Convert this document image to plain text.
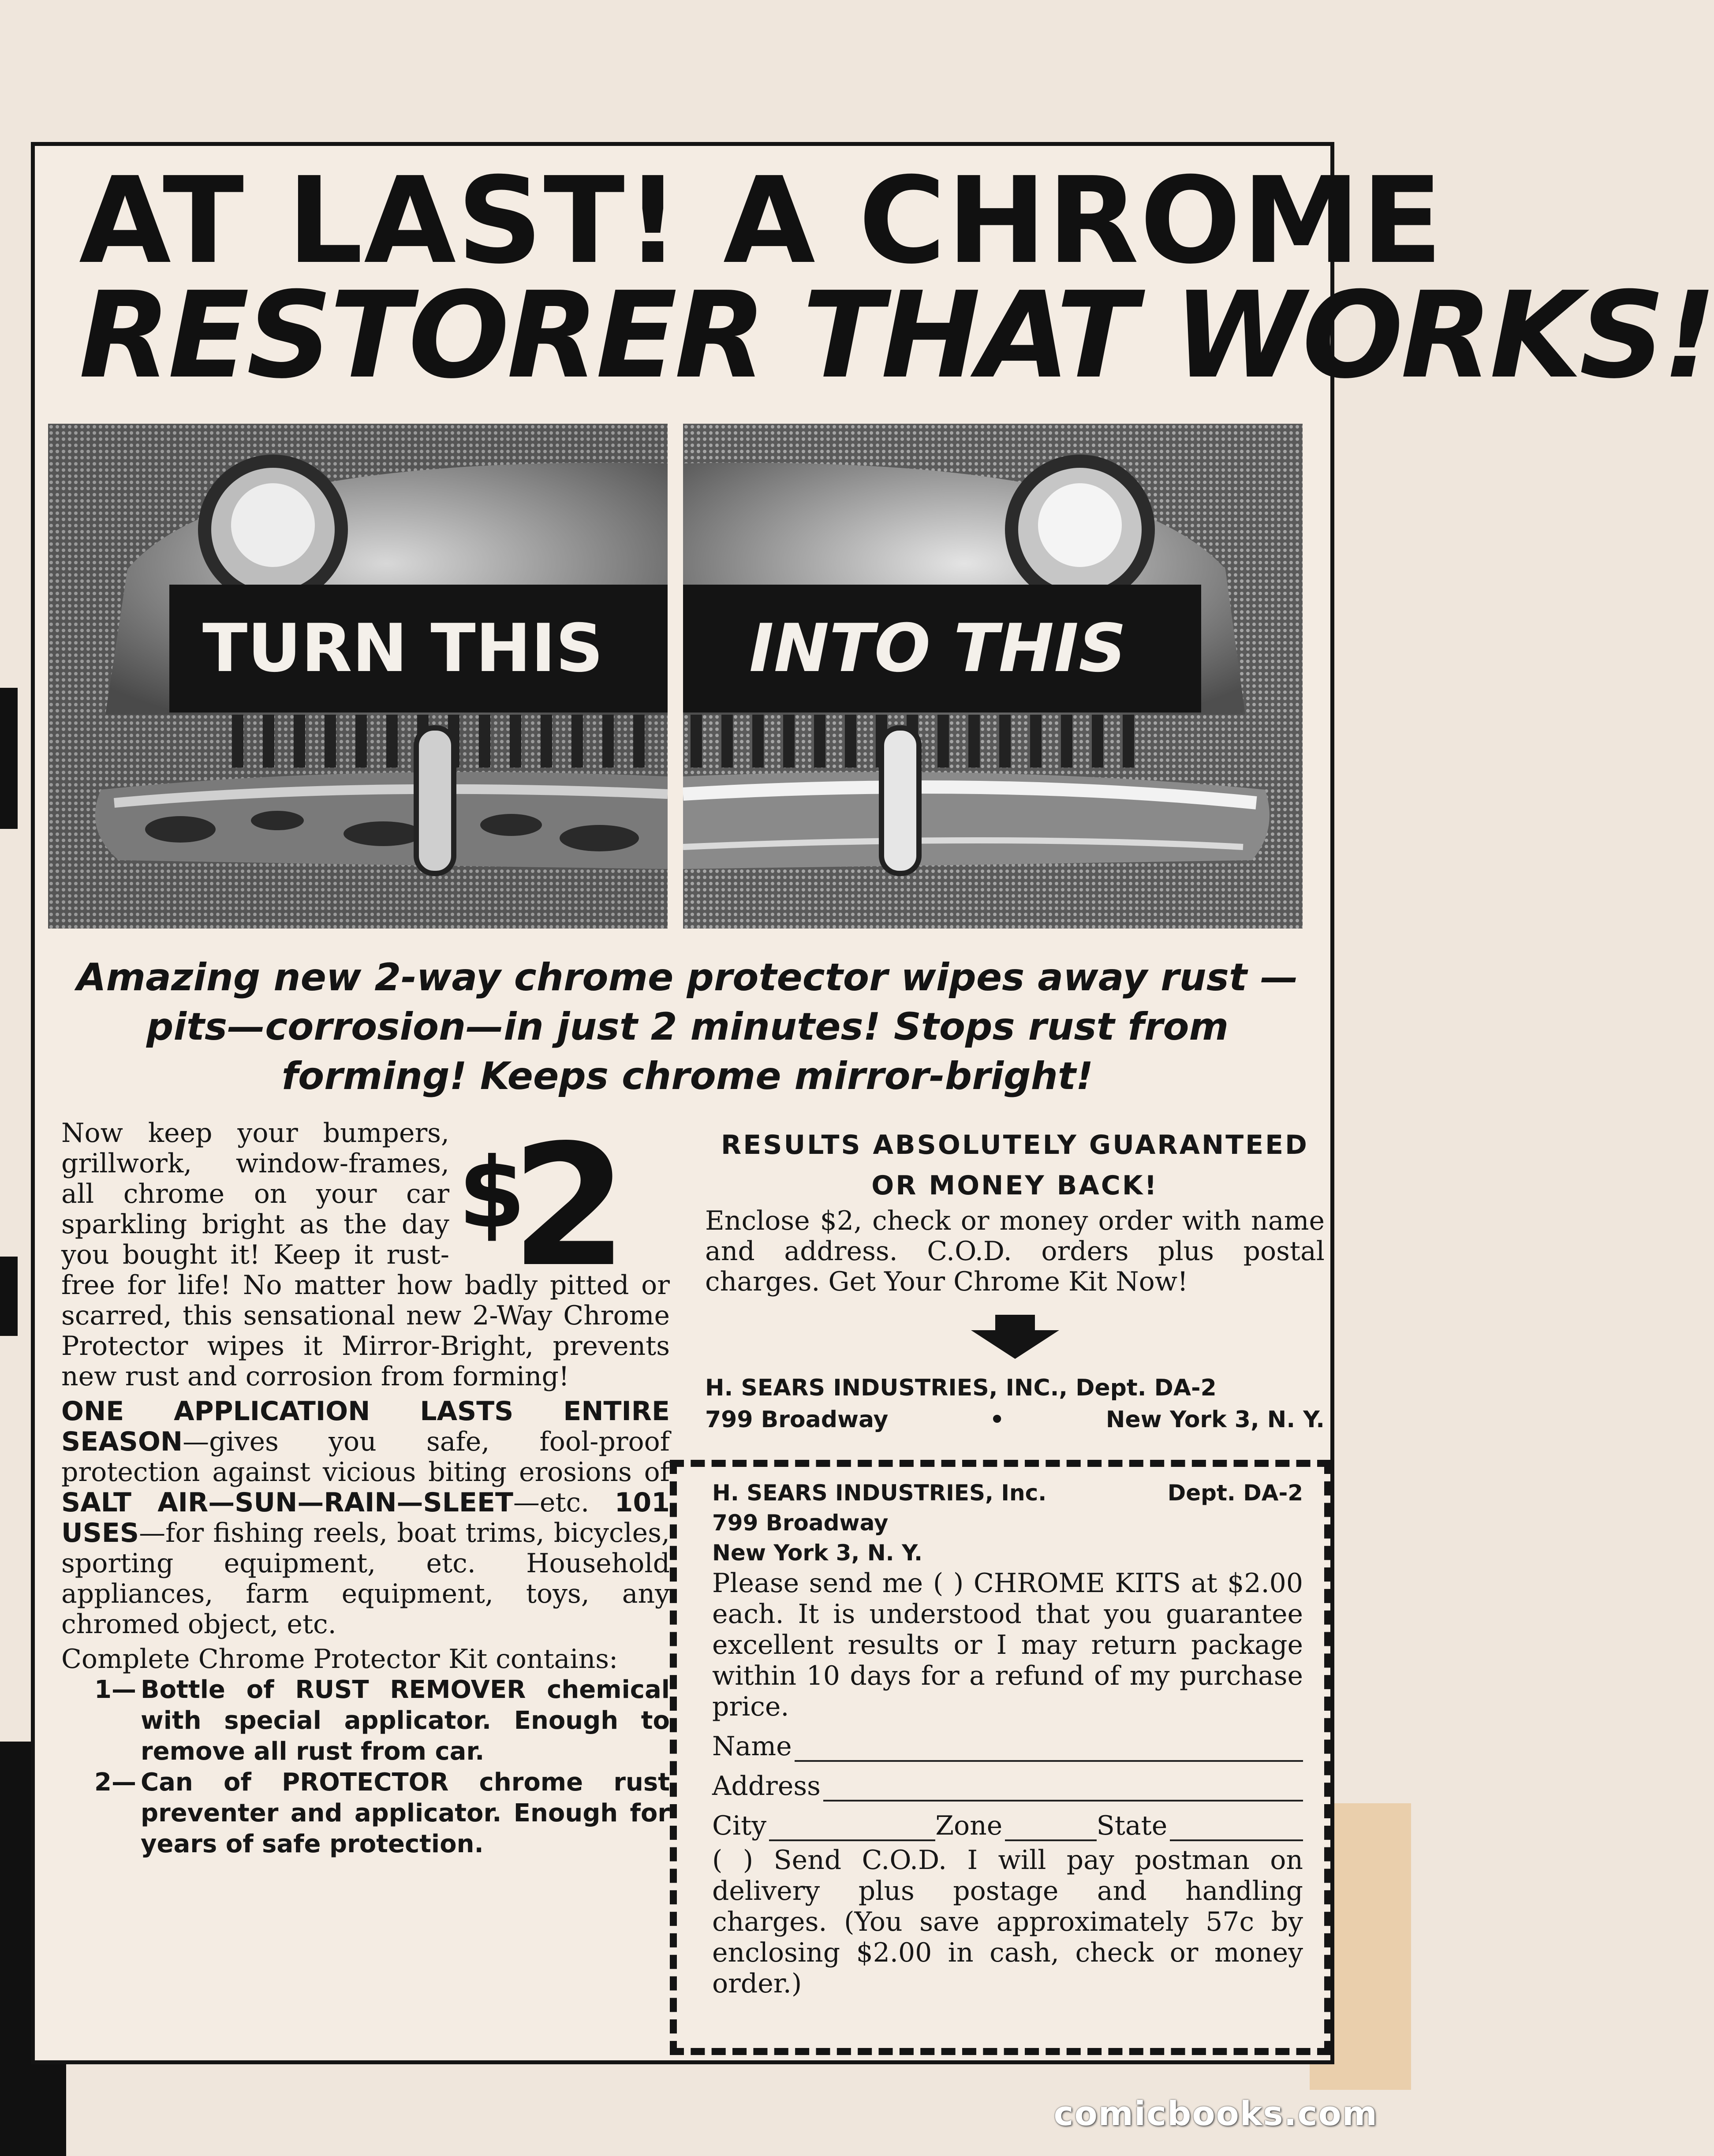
AT LAST! A CHROME
RESTORER THAT WORKS!
TURN THIS	INTO THIS
Amazing new 2-way chrome protector wipes away rust —pits—corrosion—in just 2 minutes! Stops rust from forming! Keeps chrome mirror-bright!

$
2
Now keep your bumpers, grillwork, window-frames, all chrome on your car sparkling bright as the day you bought it! Keep it rust-free for life! No matter how badly pitted or scarred, this sensational new 2-Way Chrome Protector wipes it Mirror-Bright, prevents new rust and corrosion from forming!

ONE APPLICATION LASTS ENTIRE SEASON—gives you safe, fool-proof protection against vicious biting erosions of SALT AIR—SUN—RAIN—SLEET—etc. 101 USES—for fishing reels, boat trims, bicycles, sporting equipment, etc. Household appliances, farm equipment, toys, any chromed object, etc.

Complete Chrome Protector Kit contains:

1— Bottle of RUST REMOVER chemical with special applicator. Enough to remove all rust from car.
2— Can of PROTECTOR chrome rust preventer and applicator. Enough for years of safe protection.
RESULTS ABSOLUTELY GUARANTEED
OR MONEY BACK!
Enclose $2, check or money order with name and address. C.O.D. orders plus postal charges. Get Your Chrome Kit Now!
H. SEARS INDUSTRIES, INC., Dept. DA-2
799 Broadway	•	New York 3, N. Y.
H. SEARS INDUSTRIES, Inc.	Dept. DA-2
799 Broadway
New York 3, N. Y.
Please send me ( ) CHROME KITS at $2.00 each. It is understood that you guarantee excellent results or I may return package within 10 days for a refund of my purchase price.
Name
Address
City	Zone	State
( ) Send C.O.D. I will pay postman on delivery plus postage and handling charges. (You save approximately 57c by enclosing $2.00 in cash, check or money order.)
comicbooks.com
